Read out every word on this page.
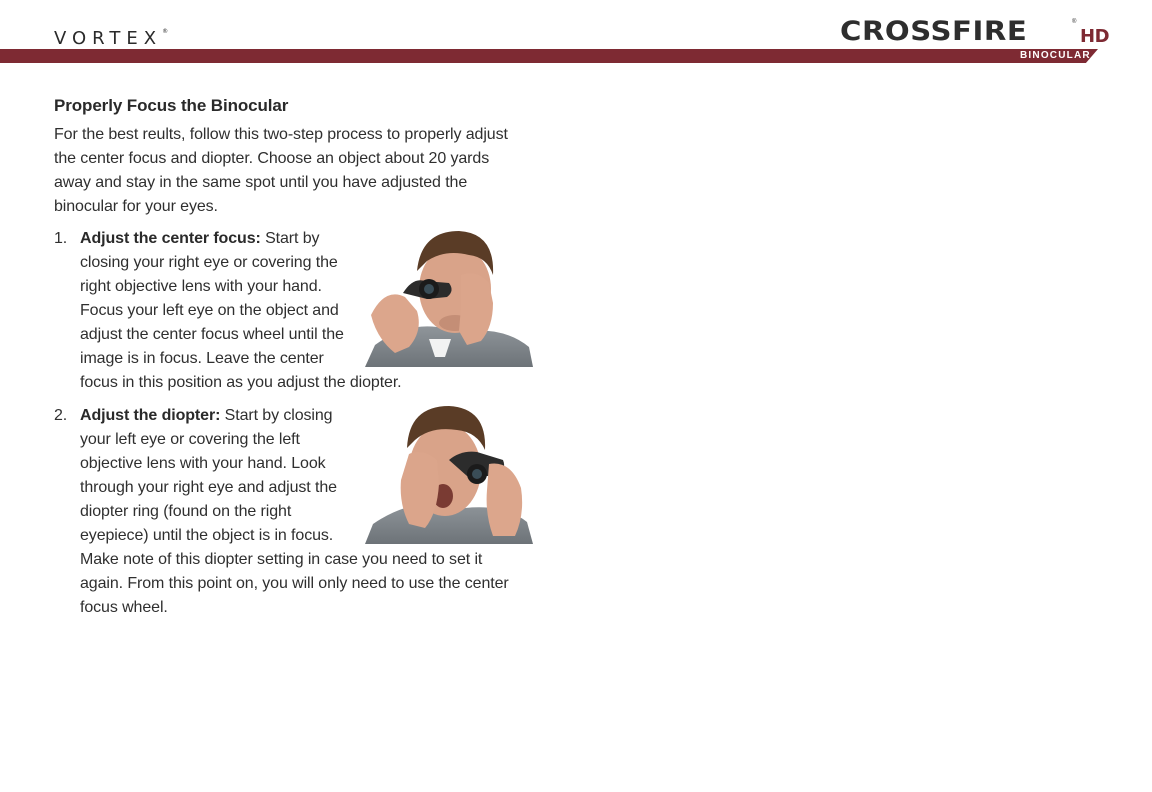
VORTEX®	CROSSFIRE	®
HD
BINOCULAR
Properly Focus the Binocular

For the best reults, follow this two-step process to properly adjust the center focus and diopter. Choose an object about 20 yards away and stay in the same spot until you have adjusted the binocular for your eyes.

1. Adjust the center focus: Start by closing your right eye or covering the right objective lens with your hand. Focus your left eye on the object and adjust the center focus wheel until the image is in focus. Leave the center focus in this position as you adjust the diopter.
2. Adjust the diopter: Start by closing your left eye or covering the left objective lens with your hand. Look through your right eye and adjust the diopter ring (found on the right eyepiece) until the object is in focus. Make note of this diopter setting in case you need to set it again. From this point on, you will only need to use the center focus wheel.
